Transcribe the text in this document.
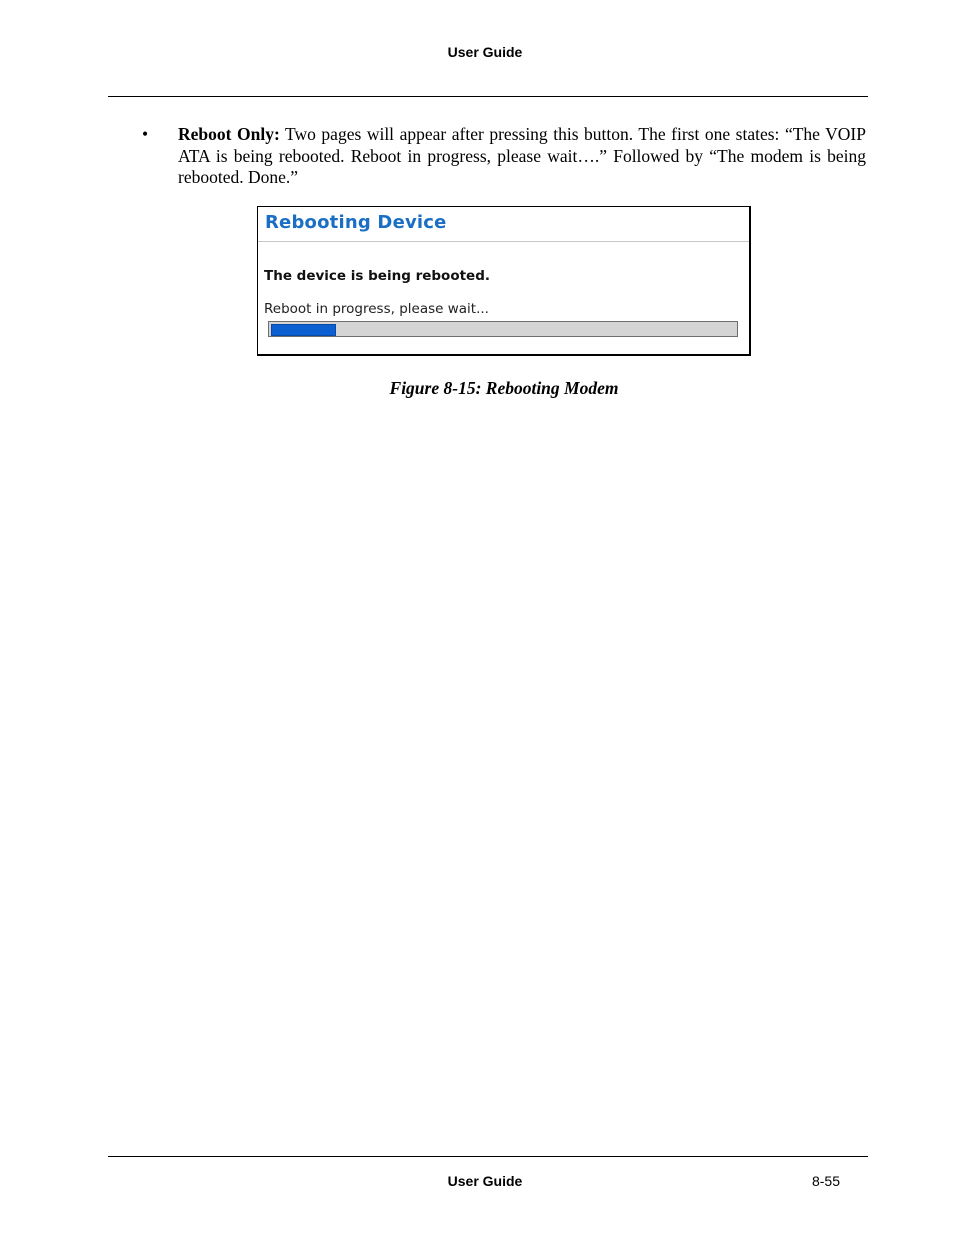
User Guide
• Reboot Only: Two pages will appear after pressing this button. The first one states: “The VOIP ATA is being rebooted. Reboot in progress, please wait….” Followed by “The modem is being rebooted. Done.”
Rebooting Device
The device is being rebooted.
Reboot in progress, please wait...
Figure 8-15: Rebooting Modem
User Guide	8-55
